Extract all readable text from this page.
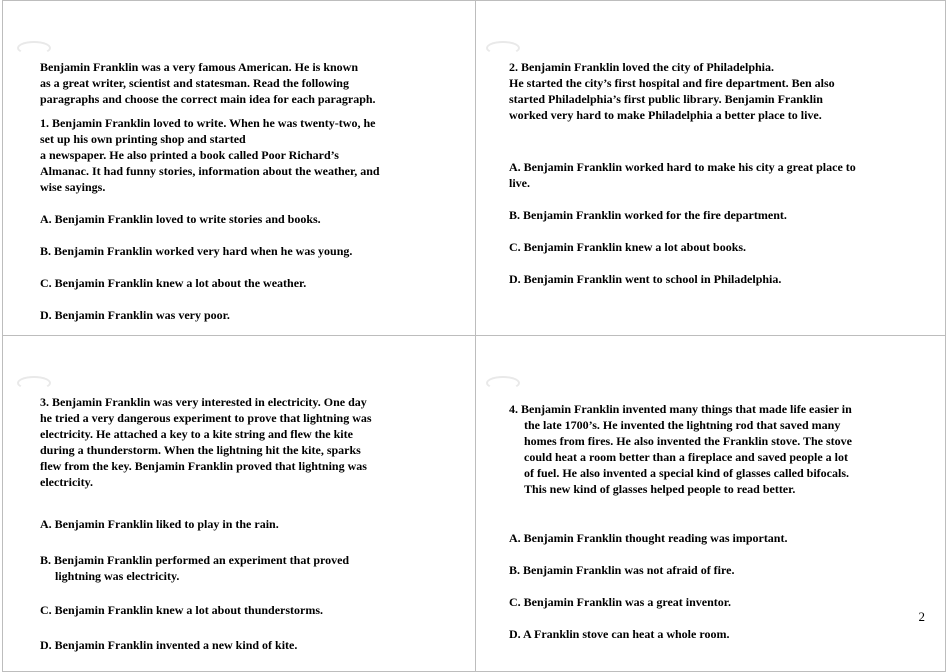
Benjamin Franklin was a very famous American. He is known
as a great writer, scientist and statesman. Read the following
paragraphs and choose the correct main idea for each paragraph.

1. Benjamin Franklin loved to write. When he was twenty-two, he
set up his own printing shop and started
a newspaper. He also printed a book called Poor Richard’s
Almanac. It had funny stories, information about the weather, and
wise sayings.

A. Benjamin Franklin loved to write stories and books.

B. Benjamin Franklin worked very hard when he was young.

C. Benjamin Franklin knew a lot about the weather.

D. Benjamin Franklin was very poor.

2. Benjamin Franklin loved the city of Philadelphia.
He started the city’s first hospital and fire department. Ben also
started Philadelphia’s first public library. Benjamin Franklin
worked very hard to make Philadelphia a better place to live.

A. Benjamin Franklin worked hard to make his city a great place to
live.

B. Benjamin Franklin worked for the fire department.

C. Benjamin Franklin knew a lot about books.

D. Benjamin Franklin went to school in Philadelphia.

3. Benjamin Franklin was very interested in electricity. One day
he tried a very dangerous experiment to prove that lightning was
electricity. He attached a key to a kite string and flew the kite
during a thunderstorm. When the lightning hit the kite, sparks
flew from the key. Benjamin Franklin proved that lightning was
electricity.

A. Benjamin Franklin liked to play in the rain.

B. Benjamin Franklin performed an experiment that proved
lightning was electricity.

C. Benjamin Franklin knew a lot about thunderstorms.

D. Benjamin Franklin invented a new kind of kite.

4. Benjamin Franklin invented many things that made life easier in
the late 1700’s. He invented the lightning rod that saved many
homes from fires. He also invented the Franklin stove. The stove
could heat a room better than a fireplace and saved people a lot
of fuel. He also invented a special kind of glasses called bifocals.
This new kind of glasses helped people to read better.

A. Benjamin Franklin thought reading was important.

B. Benjamin Franklin was not afraid of fire.

C. Benjamin Franklin was a great inventor.

D. A Franklin stove can heat a whole room.

2
